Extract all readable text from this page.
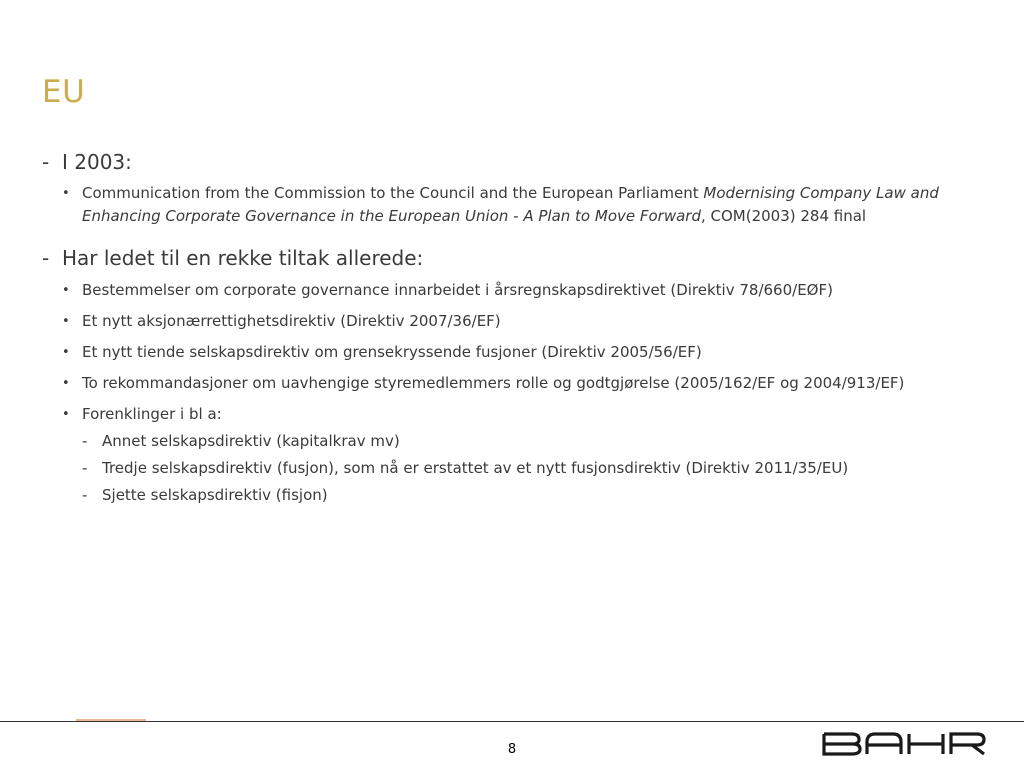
EU
- I 2003:
• Communication from the Commission to the Council and the European Parliament Modernising Company Law and Enhancing Corporate Governance in the European Union - A Plan to Move Forward, COM(2003) 284 final
- Har ledet til en rekke tiltak allerede:
• Bestemmelser om corporate governance innarbeidet i årsregnskapsdirektivet (Direktiv 78/660/EØF)
• Et nytt aksjonærrettighetsdirektiv (Direktiv 2007/36/EF)
• Et nytt tiende selskapsdirektiv om grensekryssende fusjoner (Direktiv 2005/56/EF)
• To rekommandasjoner om uavhengige styremedlemmers rolle og godtgjørelse (2005/162/EF og 2004/913/EF)
• Forenklinger i bl a:
- Annet selskapsdirektiv (kapitalkrav mv)
- Tredje selskapsdirektiv (fusjon), som nå er erstattet av et nytt fusjonsdirektiv (Direktiv 2011/35/EU)
- Sjette selskapsdirektiv (fisjon)
8
